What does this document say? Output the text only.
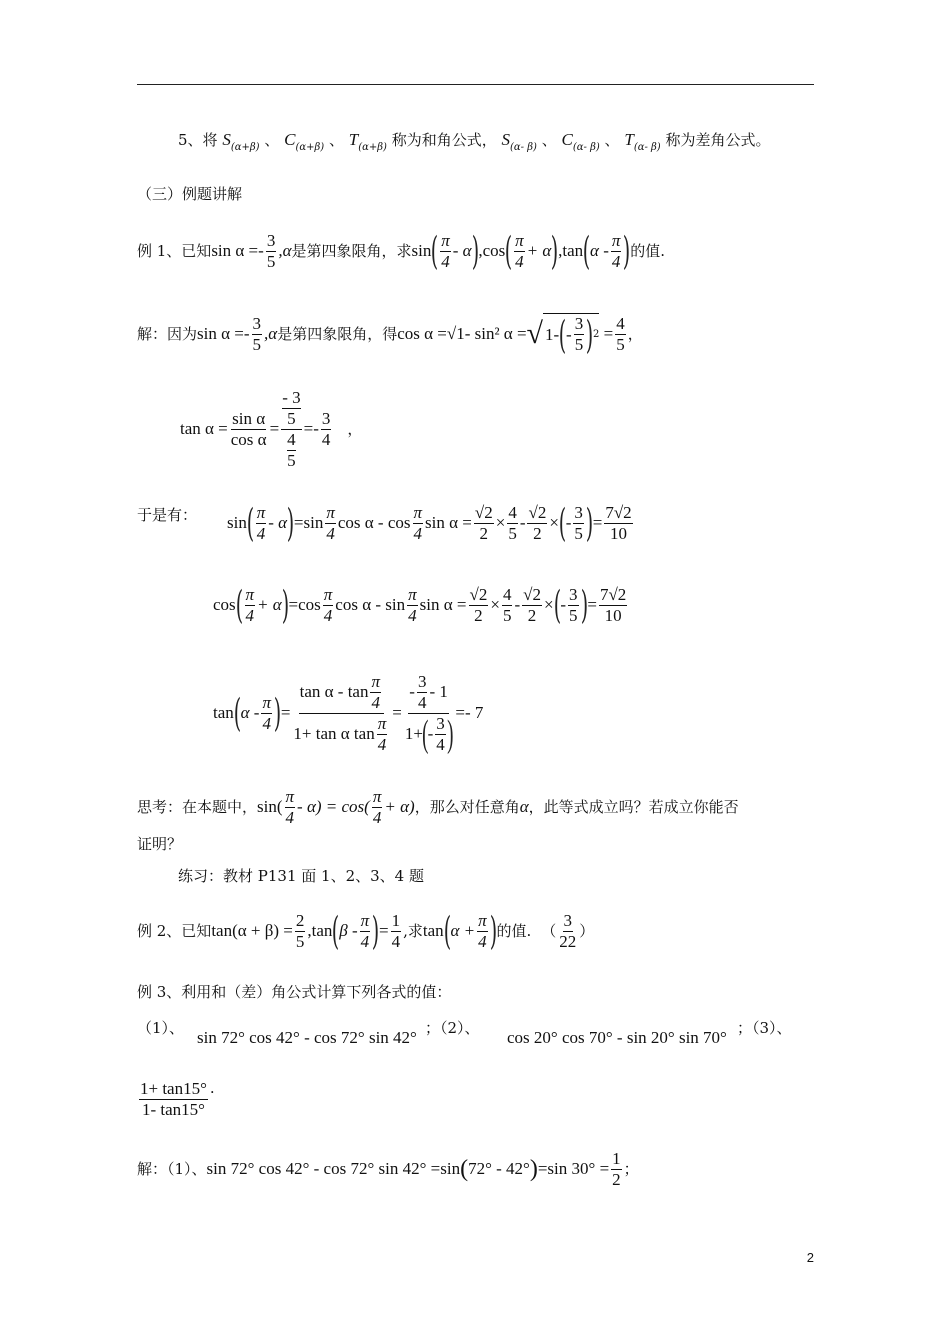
5、将 $S_{(\alpha+\beta)}$ 、 $C_{(\alpha+\beta)}$ 、 $T_{(\alpha+\beta)}$ 称为和角公式， $S_{(\alpha- \beta)}$ 、 $C_{(\alpha- \beta)}$ 、 $T_{(\alpha- \beta)}$ 称为差角公式。
（三）例题讲解
例 1、已知 $\sin \alpha =- \frac{3}{5} ,\alpha$ 是第四象限角，求 sin ( $\frac{\pi}{4}$ - α ) ,cos ( $\frac{\pi}{4} + \alpha$ ) ,tan ( α - $\frac{\pi}{4}$ ) 的值.
解：因为 $\sin \alpha =- \frac{3}{5} ,\alpha$ 是第四象限角，得 cos α =√1- sin² α = √ 1- ( - $\frac{3}{5}$ ) $2 = \frac{4}{5}$ ，
$\tan \alpha = \frac{\text{sin α}}{\text{cos α}}$ = - 3
5
4
$5 =- \frac{3}{4}$ ，
于是有： sin ( $\frac{\pi}{4}$ - α ) $=\sin \frac{\pi}{4}$ cos α - $\cos \frac{\pi}{4}$ $\sin \alpha = \frac{√2}{2} \times \frac{4}{5} - \frac{√2}{2}$ × ( - $\frac{3}{5}$ ) = $\frac{7√2}{10}$
cos ( $\frac{\pi}{4} + \alpha$ ) $=\cos \frac{\pi}{4}$ cos α - $\sin \frac{\pi}{4}$ $\sin \alpha = \frac{√2}{2} \times \frac{4}{5} - \frac{√2}{2}$ × ( - $\frac{3}{5}$ ) = $\frac{7√2}{10}$
tan ( α - $\frac{\pi}{4}$ ) = $\frac{\tan \alpha - \tan \frac{\pi}{4}}{1+ \tan \alpha \tan \frac{\pi}{4}} = \frac{- \frac{3}{4} - 1}{1+ ( - \frac{3}{4} )} =- 7$
思考：在本题中， $\sin( \frac{\pi}{4} - \alpha) = \cos( \frac{\pi}{4} + \alpha)$ ，那么对任意角 α ，此等式成立吗？若成立你能否
证明？
练习：教材 P131 面 1、2、3、4 题
例 2、已知 $\tan(\alpha + \beta) = \frac{2}{5} ,\tan$ ( β - $\frac{\pi}{4}$ ) = $\frac{1}{4}$ ,求 tan ( $\alpha + \frac{\pi}{4}$ ) 的值. （ $\frac{3}{22}$ ）
例 3、利用和（差）角公式计算下列各式的值：
（1）、 sin 72° cos 42° - cos 72° sin 42° ；（2）、 cos 20° cos 70° - sin 20° sin 70° ；（3）、
$\frac{1+ \tan 15^\circ}{1- \tan 15^\circ}$ .
解：（1）、 sin 72° cos 42° - cos 72° sin 42° =sin ( 72° - 42° ) =sin $30^\circ = \frac{1}{2}$ ；
2
